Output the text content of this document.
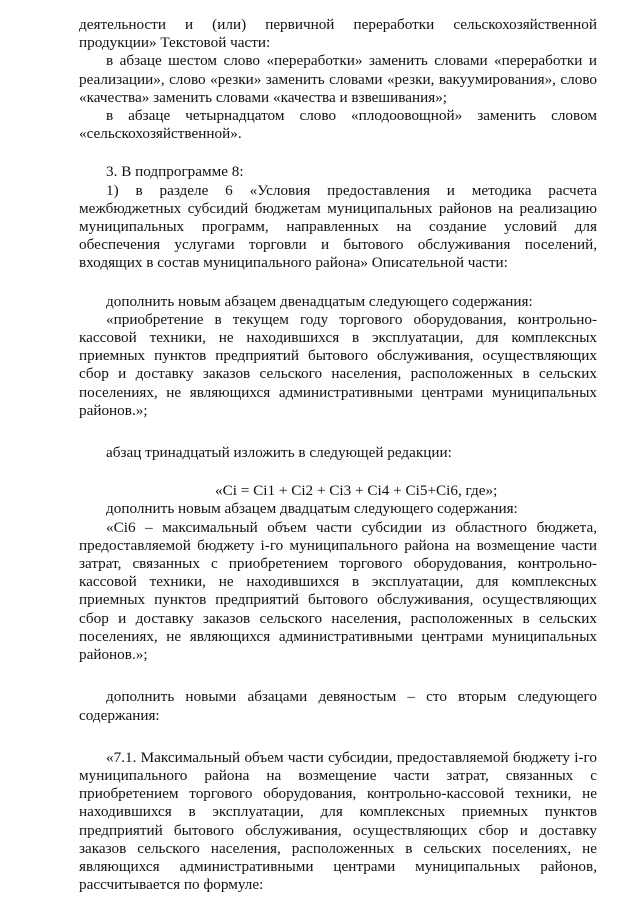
деятельности и (или) первичной переработки сельскохозяйственной продукции» Текстовой части:

в абзаце шестом слово «переработки» заменить словами «переработки и реализации», слово «резки» заменить словами «резки, вакуумирования», слово «качества» заменить словами «качества и взвешивания»;

в абзаце четырнадцатом слово «плодоовощной» заменить словом «сельскохозяйственной».

3. В подпрограмме 8:

1) в разделе 6 «Условия предоставления и методика расчета межбюджетных субсидий бюджетам муниципальных районов на реализацию муниципальных программ, направленных на создание условий для обеспечения услугами торговли и бытового обслуживания поселений, входящих в состав муниципального района» Описательной части:

дополнить новым абзацем двенадцатым следующего содержания:

«приобретение в текущем году торгового оборудования, контрольно-кассовой техники, не находившихся в эксплуатации, для комплексных приемных пунктов предприятий бытового обслуживания, осуществляющих сбор и доставку заказов сельского населения, расположенных в сельских поселениях, не являющихся административными центрами муниципальных районов.»;

абзац тринадцатый изложить в следующей редакции:

«Ci = Ci1 + Ci2 + Ci3 + Ci4 + Ci5+Ci6, где»;

дополнить новым абзацем двадцатым следующего содержания:

«Ci6 – максимальный объем части субсидии из областного бюджета, предоставляемой бюджету i-го муниципального района на возмещение части затрат, связанных с приобретением торгового оборудования, контрольно-кассовой техники, не находившихся в эксплуатации, для комплексных приемных пунктов предприятий бытового обслуживания, осуществляющих сбор и доставку заказов сельского населения, расположенных в сельских поселениях, не являющихся административными центрами муниципальных районов.»;

дополнить новыми абзацами девяностым – сто вторым следующего содержания:

«7.1. Максимальный объем части субсидии, предоставляемой бюджету i-го муниципального района на возмещение части затрат, связанных с приобретением торгового оборудования, контрольно-кассовой техники, не находившихся в эксплуатации, для комплексных приемных пунктов предприятий бытового обслуживания, осуществляющих сбор и доставку заказов сельского населения, расположенных в сельских поселениях, не являющихся административными центрами муниципальных районов, рассчитывается по формуле:
